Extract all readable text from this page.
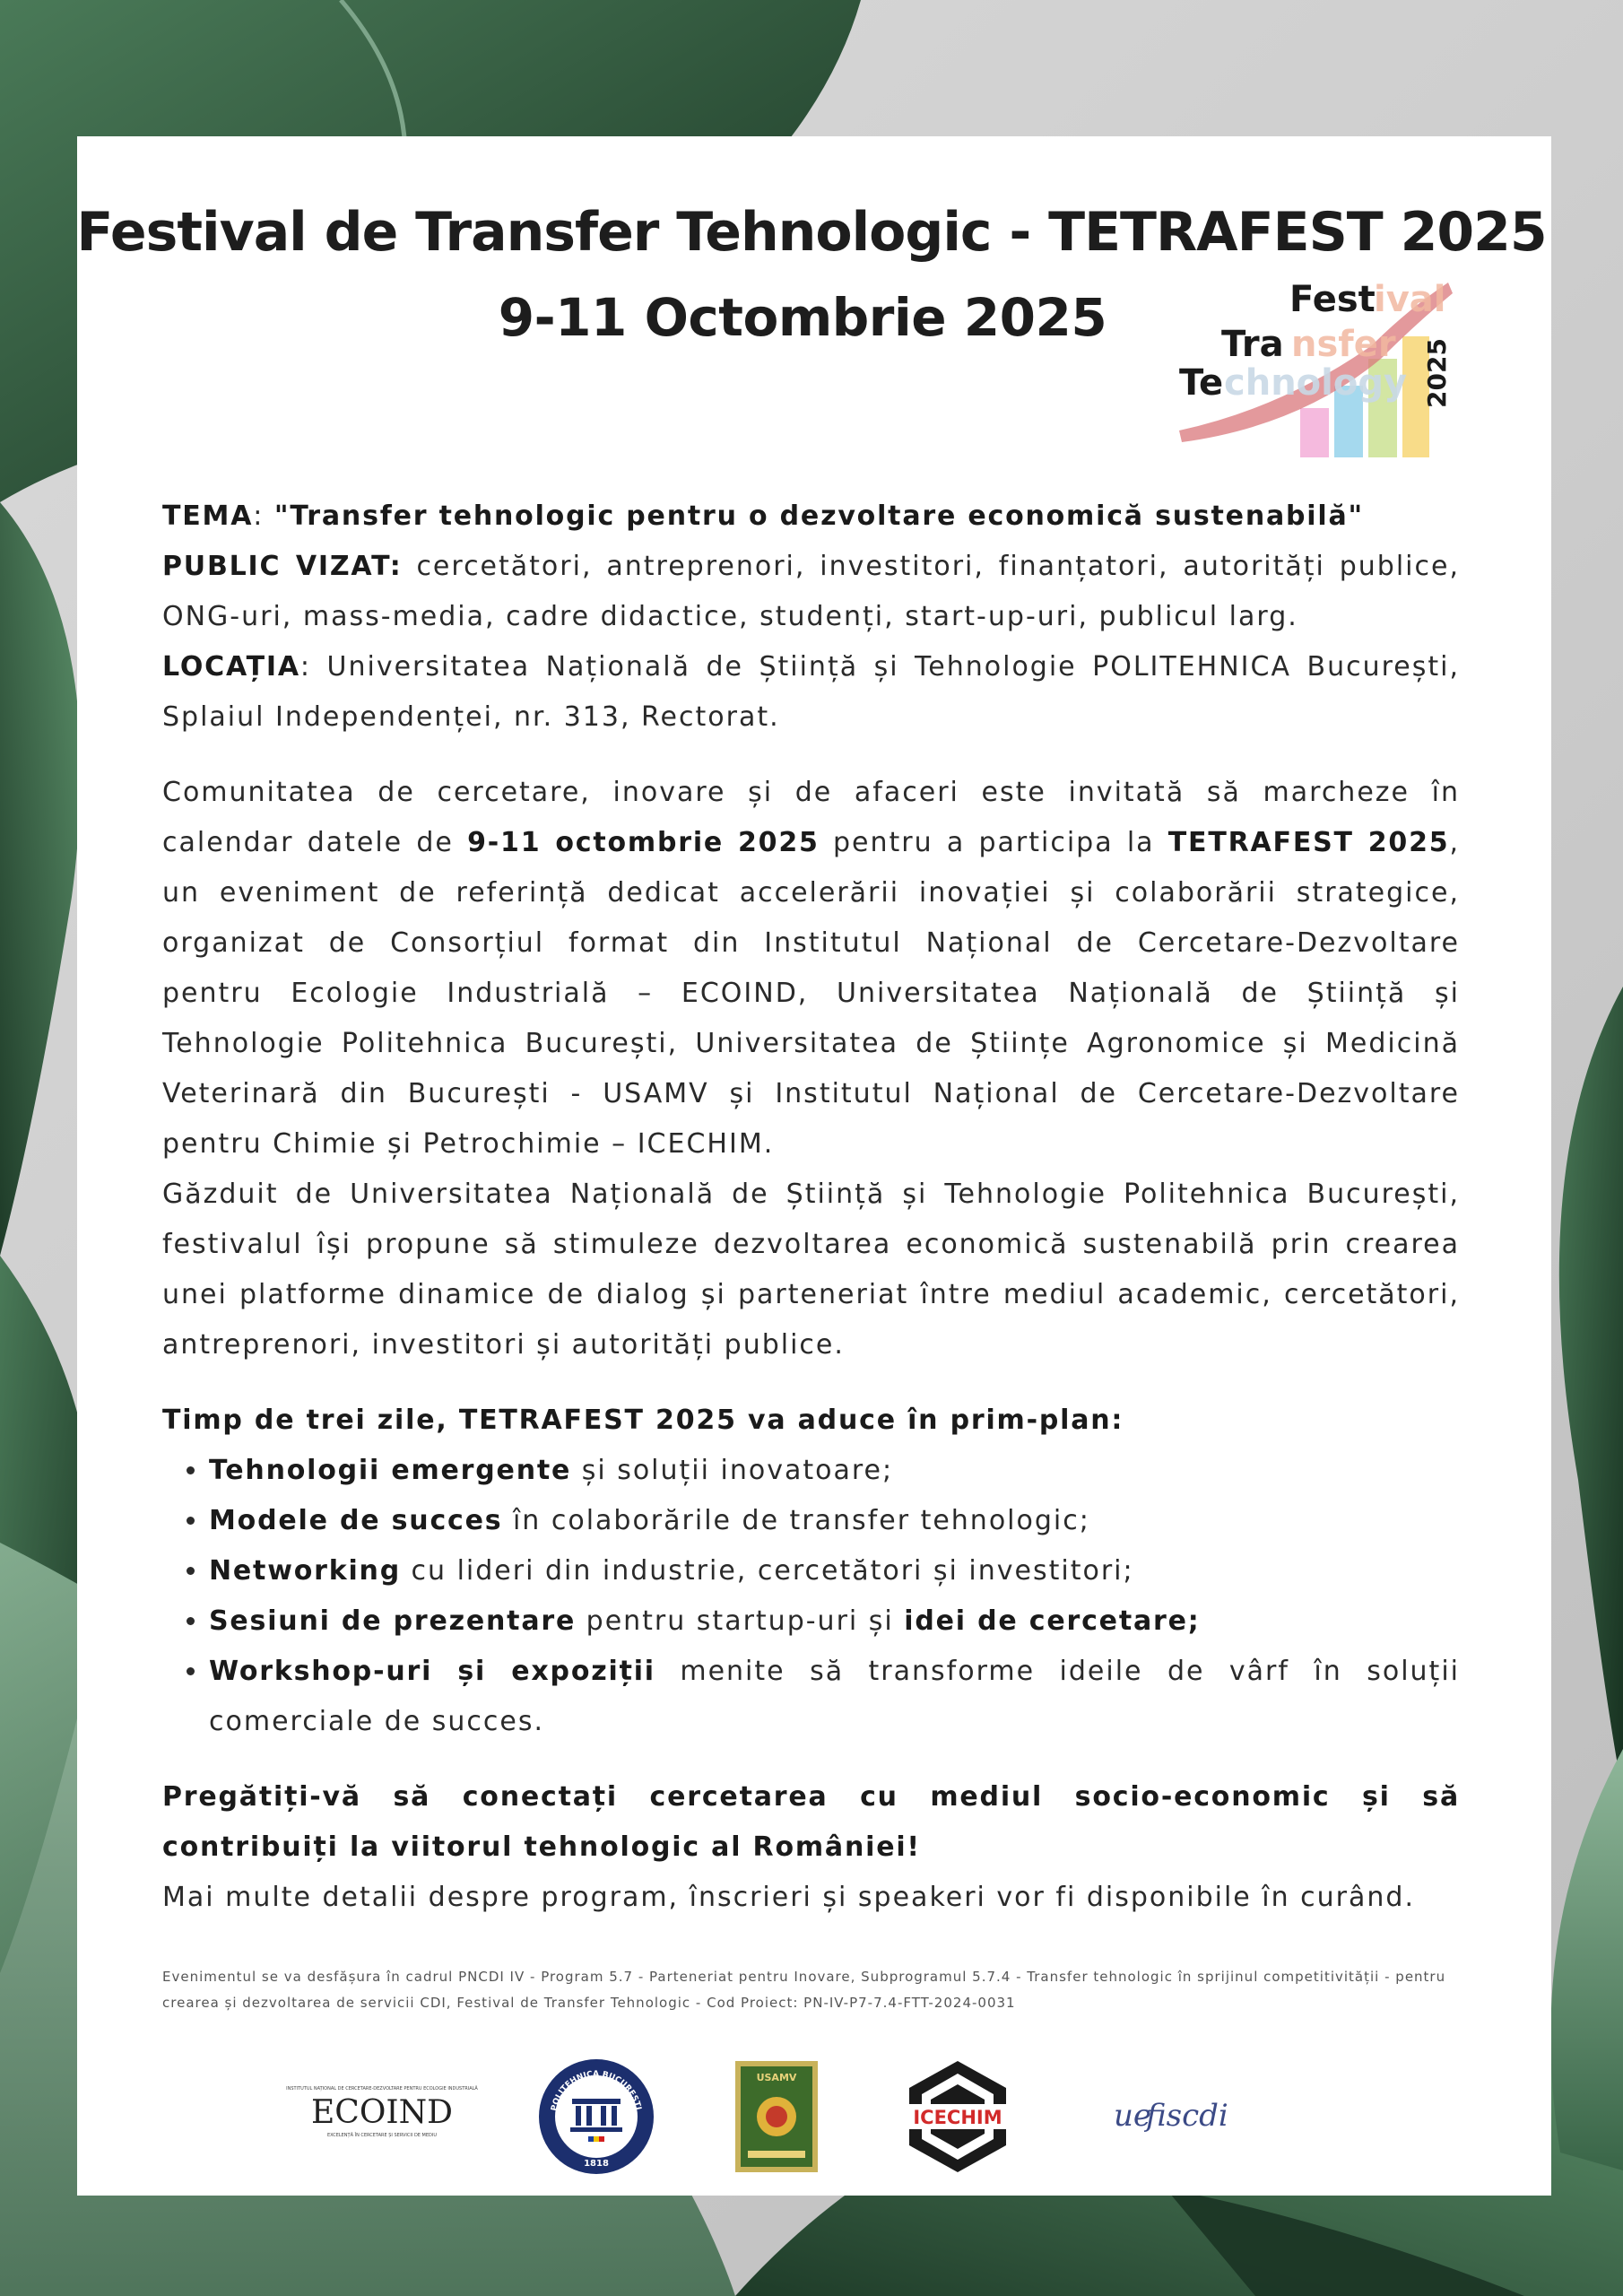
Festival de Transfer Tehnologic - TETRAFEST 2025
9-11 Octombrie 2025	Fest
ival
Tra nsfer
Te chnology 2025

TEMA: "Transfer tehnologic pentru o dezvoltare economică sustenabilă"

PUBLIC VIZAT: cercetători, antreprenori, investitori, finanțatori, autorități publice, ONG-uri, mass-media, cadre didactice, studenți, start-up-uri, publicul larg.

LOCAȚIA: Universitatea Națională de Știință și Tehnologie POLITEHNICA București, Splaiul Independenței, nr. 313, Rectorat.

Comunitatea de cercetare, inovare și de afaceri este invitată să marcheze în calendar datele de 9-11 octombrie 2025 pentru a participa la TETRAFEST 2025, un eveniment de referință dedicat accelerării inovației și colaborării strategice, organizat de Consorțiul format din Institutul Național de Cercetare-Dezvoltare pentru Ecologie Industrială – ECOIND, Universitatea Națională de Știință și Tehnologie Politehnica București, Universitatea de Științe Agronomice și Medicină Veterinară din București - USAMV și Institutul Național de Cercetare-Dezvoltare pentru Chimie și Petrochimie – ICECHIM.

Găzduit de Universitatea Națională de Știință și Tehnologie Politehnica București, festivalul își propune să stimuleze dezvoltarea economică sustenabilă prin crearea unei platforme dinamice de dialog și parteneriat între mediul academic, cercetători, antreprenori, investitori și autorități publice.

Timp de trei zile, TETRAFEST 2025 va aduce în prim-plan:

• Tehnologii emergente și soluții inovatoare;
• Modele de succes în colaborările de transfer tehnologic;
• Networking cu lideri din industrie, cercetători și investitori;
• Sesiuni de prezentare pentru startup-uri și idei de cercetare;
• Workshop-uri și expoziții menite să transforme ideile de vârf în soluții comerciale de succes.

Pregătiți-vă să conectați cercetarea cu mediul socio-economic și să contribuiți la viitorul tehnologic al României!

Mai multe detalii despre program, înscrieri și speakeri vor fi disponibile în curând.

Evenimentul se va desfășura în cadrul PNCDI IV - Program 5.7 - Parteneriat pentru Inovare, Subprogramul 5.7.4 - Transfer tehnologic în sprijinul competitivității - pentru crearea și dezvoltarea de servicii CDI, Festival de Transfer Tehnologic - Cod Proiect: PN-IV-P7-7.4-FTT-2024-0031
INSTITUTUL NAȚIONAL DE CERCETARE-DEZVOLTARE PENTRU ECOLOGIE INDUSTRIALĂ
ECOIND
EXCELENȚĂ ÎN CERCETARE ȘI SERVICII DE MEDIU
POLITEHNICA BUCUREȘTI
1818
USAMV
ICECHIM	ue
fiscdi
